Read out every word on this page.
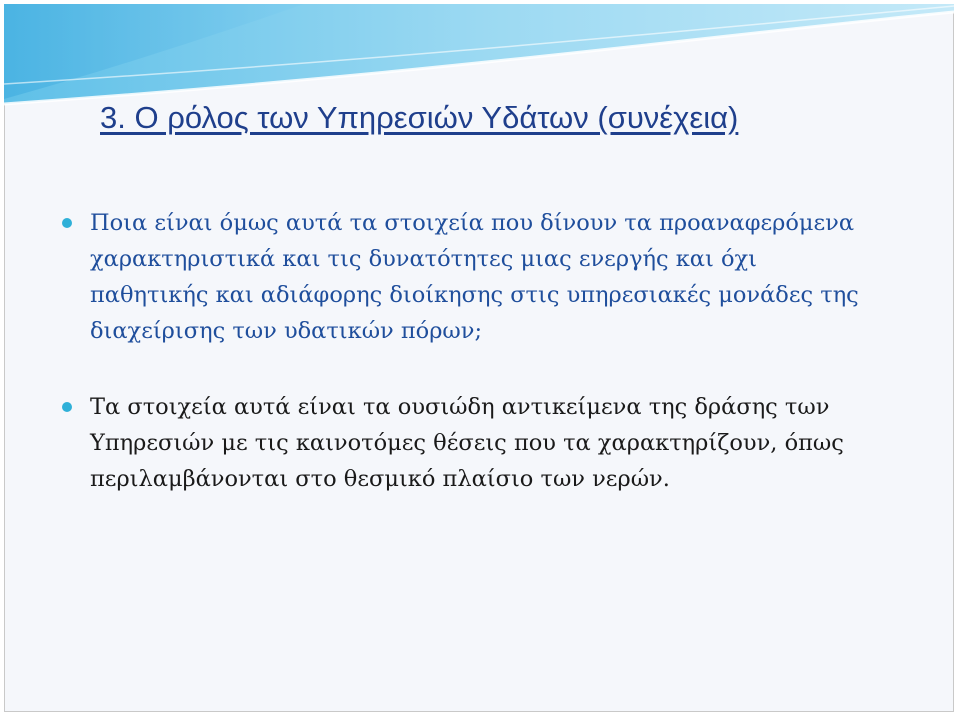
3. Ο ρόλος των Υπηρεσιών Υδάτων (συνέχεια)
Ποια είναι όμως αυτά τα στοιχεία που δίνουν τα προαναφερόμενα χαρακτηριστικά και τις δυνατότητες μιας ενεργής και όχι παθητικής και αδιάφορης διοίκησης στις υπηρεσιακές μονάδες της διαχείρισης των υδατικών πόρων;
Τα στοιχεία αυτά είναι τα ουσιώδη αντικείμενα της δράσης των Υπηρεσιών με τις καινοτόμες θέσεις που τα χαρακτηρίζουν, όπως περιλαμβάνονται στο θεσμικό πλαίσιο των νερών.
